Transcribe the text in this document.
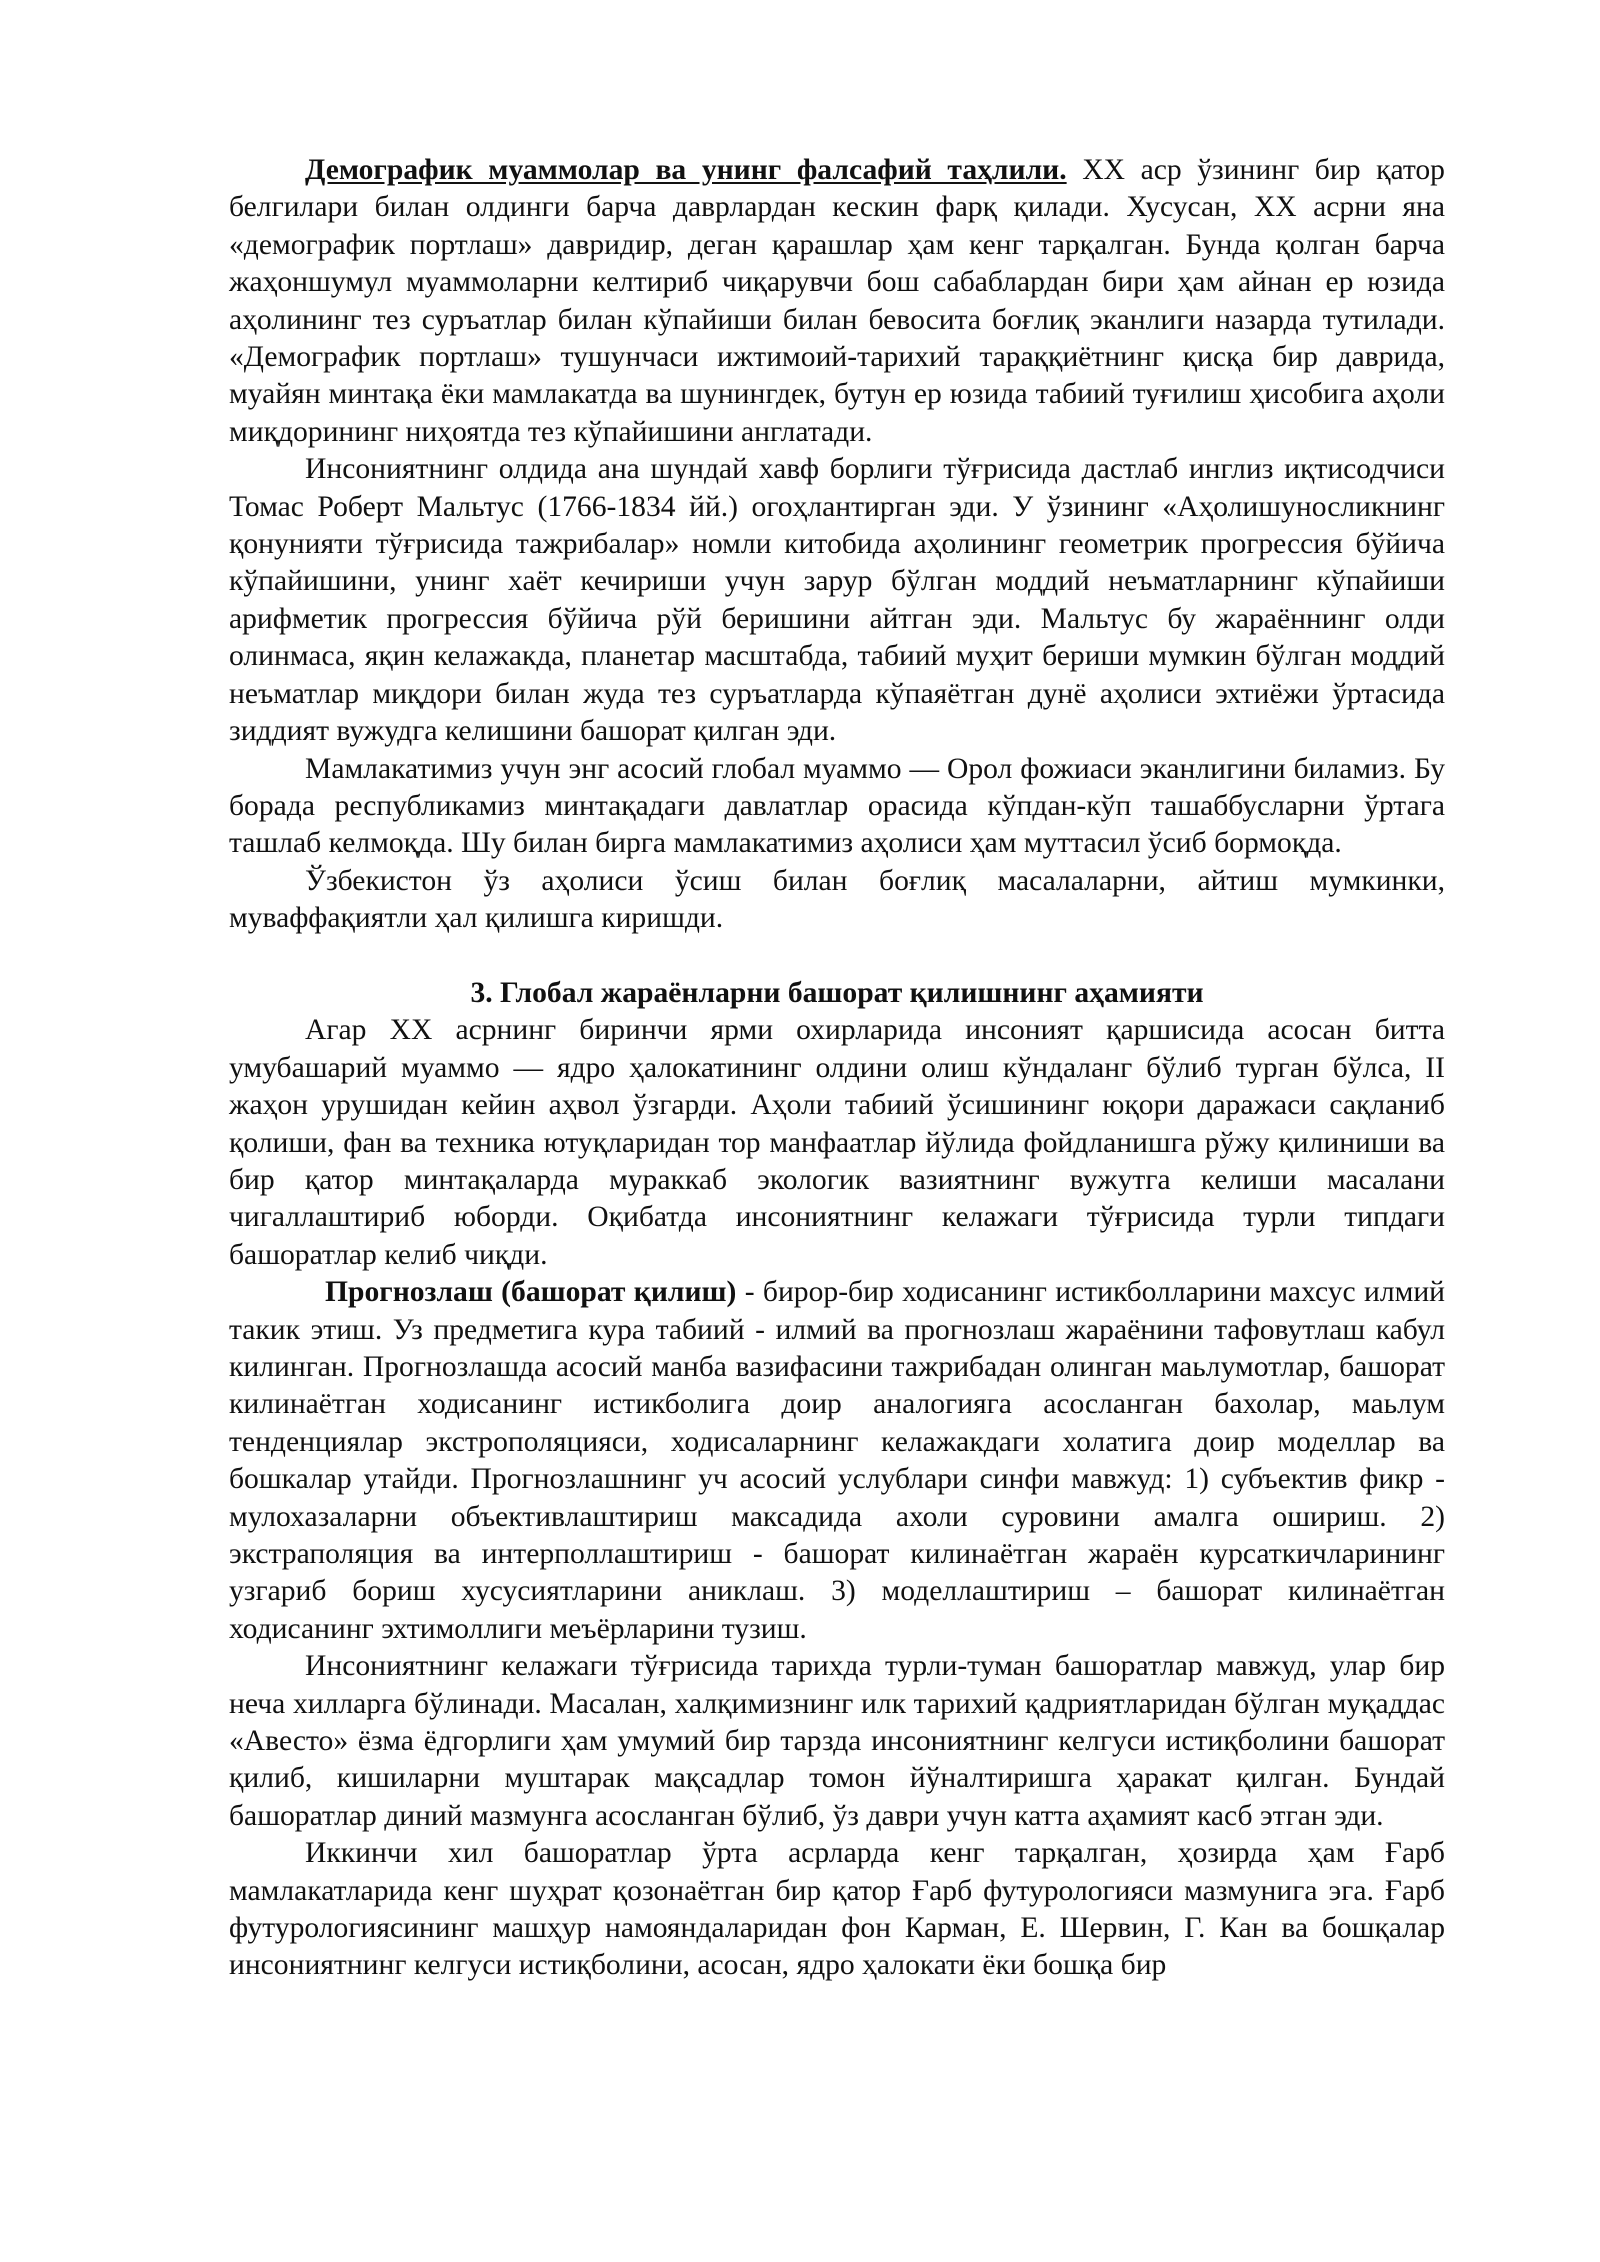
Демографик муаммолар ва унинг фалсафий таҳлили. XX аср ўзининг бир қатор белгилари билан олдинги барча даврлардан кескин фарқ қилади. Хусусан, XX асрни яна «демографик портлаш» давридир, деган қарашлар ҳам кенг тарқалган. Бунда қолган барча жаҳоншумул муаммоларни келтириб чиқарувчи бош сабаблардан бири ҳам айнан ер юзида аҳолининг тез суръатлар билан кўпайиши билан бевосита боғлиқ эканлиги назарда тутилади. «Демографик портлаш» тушунчаси ижтимоий-тарихий тараққиётнинг қисқа бир даврида, муайян минтақа ёки мамлакатда ва шунингдек, бутун ер юзида табиий туғилиш ҳисобига аҳоли миқдорининг ниҳоятда тез кўпайишини англатади.

Инсониятнинг олдида ана шундай хавф борлиги тўғрисида дастлаб инглиз иқтисодчиси Томас Роберт Мальтус (1766-1834 йй.) огоҳлантирган эди. У ўзининг «Аҳолишуносликнинг қонунияти тўғрисида тажрибалар» номли китобида аҳолининг геометрик прогрессия бўйича кўпайишини, унинг хаёт кечириши учун зарур бўлган моддий неъматларнинг кўпайиши арифметик прогрессия бўйича рўй беришини айтган эди. Мальтус бу жараённинг олди олинмаса, яқин келажакда, планетар масштабда, табиий муҳит бериши мумкин бўлган моддий неъматлар миқдори билан жуда тез суръатларда кўпаяётган дунё аҳолиси эхтиёжи ўртасида зиддият вужудга келишини башорат қилган эди.

Мамлакатимиз учун энг асосий глобал муаммо — Орол фожиаси эканлигини биламиз. Бу борада республикамиз минтақадаги давлатлар орасида кўпдан-кўп ташаббусларни ўртага ташлаб келмоқда. Шу билан бирга мамлакатимиз аҳолиси ҳам муттасил ўсиб бормоқда.

Ўзбекистон ўз аҳолиси ўсиш билан боғлиқ масалаларни, айтиш мумкинки, муваффақиятли ҳал қилишга киришди.

3. Глобал жараёнларни башорат қилишнинг аҳамияти

Агар XX асрнинг биринчи ярми охирларида инсоният қаршисида асосан битта умубашарий муаммо — ядро ҳалокатининг олдини олиш кўндаланг бўлиб турган бўлса, II жаҳон урушидан кейин аҳвол ўзгарди. Аҳоли табиий ўсишининг юқори даражаси сақланиб қолиши, фан ва техника ютуқларидан тор манфаатлар йўлида фойдланишга рўжу қилиниши ва бир қатор минтақаларда мураккаб экологик вазиятнинг вужутга келиши масалани чигаллаштириб юборди. Оқибатда инсониятнинг келажаги тўғрисида турли типдаги башоратлар келиб чиқди.

Прогнозлаш (башорат қилиш) - бирор-бир ходисанинг истикболларини махсус илмий такик этиш. Уз предметига кура табиий - илмий ва прогнозлаш жараёнини тафовутлаш кабул килинган. Прогнозлашда асосий манба вазифасини тажрибадан олинган маьлумотлар, башорат килинаётган ходисанинг истикболига доир аналогияга асосланган бахолар, маьлум тенденциялар экстрополяцияси, ходисаларнинг келажакдаги холатига доир моделлар ва бошкалар утайди. Прогнозлашнинг уч асосий услублари синфи мавжуд: 1) субъектив фикр - мулохазаларни объективлаштириш максадида ахоли суровини амалга ошириш. 2) экстраполяция ва интерполлаштириш - башорат килинаётган жараён курсаткичларининг узгариб бориш хусусиятларини аниклаш. 3) моделлаштириш – башорат килинаётган ходисанинг эхтимоллиги меъёрларини тузиш.

Инсониятнинг келажаги тўғрисида тарихда турли-туман башоратлар мавжуд, улар бир неча хилларга бўлинади. Масалан, халқимизнинг илк тарихий қадриятларидан бўлган муқаддас «Авесто» ёзма ёдгорлиги ҳам умумий бир тарзда инсониятнинг келгуси истиқболини башорат қилиб, кишиларни муштарак мақсадлар томон йўналтиришга ҳаракат қилган. Бундай башоратлар диний мазмунга асосланган бўлиб, ўз даври учун катта аҳамият касб этган эди.

Иккинчи хил башоратлар ўрта асрларда кенг тарқалган, ҳозирда ҳам Ғарб мамлакатларида кенг шуҳрат қозонаётган бир қатор Ғарб футурологияси мазмунига эга. Ғарб футурологиясининг машҳур намояндаларидан фон Карман, Е. Шервин, Г. Кан ва бошқалар инсониятнинг келгуси истиқболини, асосан, ядро ҳалокати ёки бошқа бир
